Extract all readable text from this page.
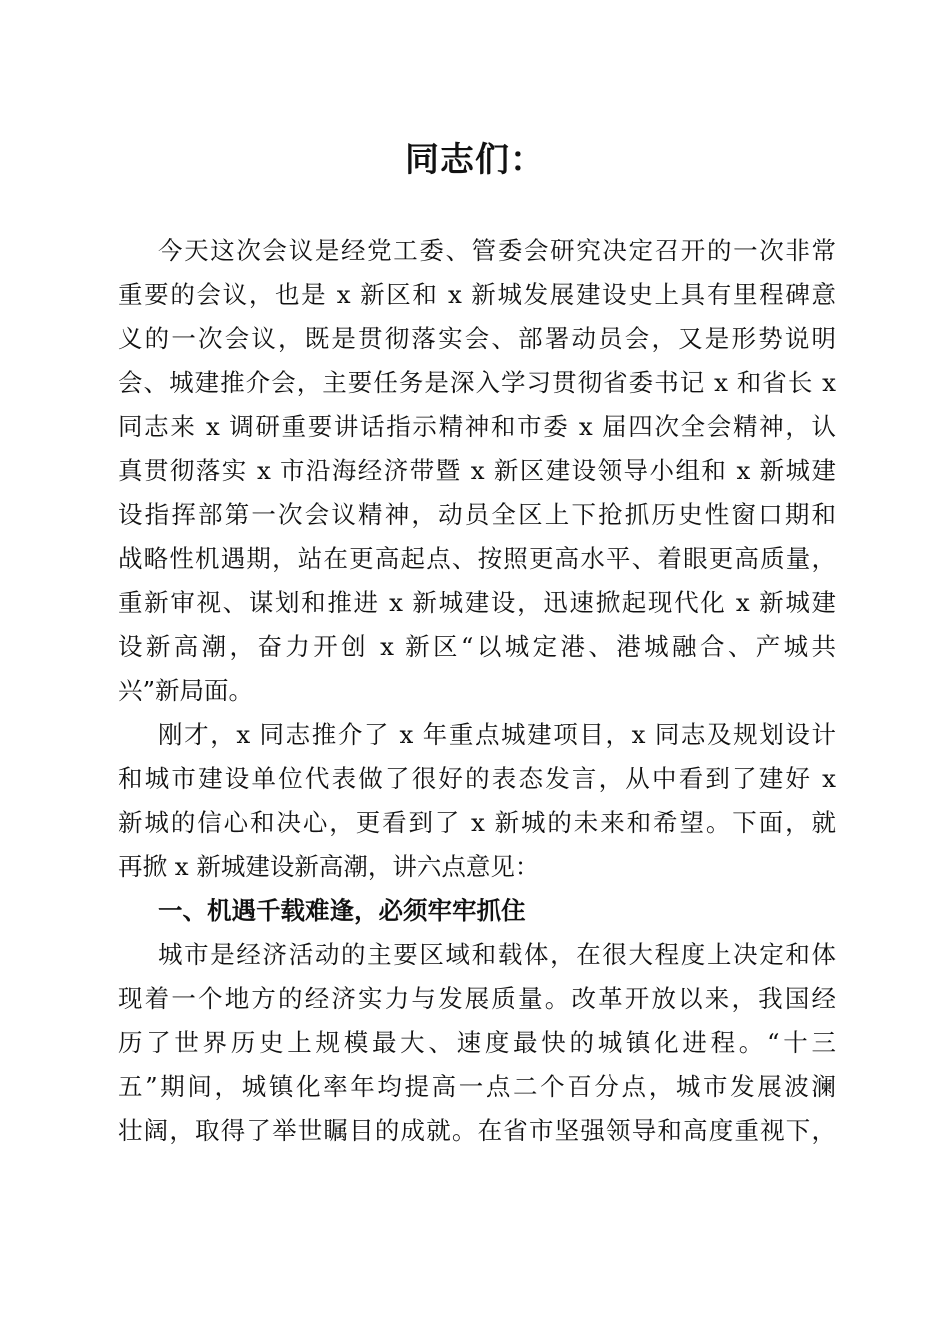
同志们：
今天这次会议是经党工委、管委会研究决定召开的一次非常
重要的会议，也是 x 新区和 x 新城发展建设史上具有里程碑意
义的一次会议，既是贯彻落实会、部署动员会，又是形势说明
会、城建推介会，主要任务是深入学习贯彻省委书记 x 和省长 x
同志来 x 调研重要讲话指示精神和市委 x 届四次全会精神，认
真贯彻落实 x 市沿海经济带暨 x 新区建设领导小组和 x 新城建
设指挥部第一次会议精神，动员全区上下抢抓历史性窗口期和
战略性机遇期，站在更高起点、按照更高水平、着眼更高质量，
重新审视、谋划和推进 x 新城建设，迅速掀起现代化 x 新城建
设新高潮，奋力开创 x 新区“以城定港、港城融合、产城共
兴”新局面。
刚才，x 同志推介了 x 年重点城建项目，x 同志及规划设计
和城市建设单位代表做了很好的表态发言，从中看到了建好 x
新城的信心和决心，更看到了 x 新城的未来和希望。下面，就
再掀 x 新城建设新高潮，讲六点意见：
一、机遇千载难逢，必须牢牢抓住
城市是经济活动的主要区域和载体，在很大程度上决定和体
现着一个地方的经济实力与发展质量。改革开放以来，我国经
历了世界历史上规模最大、速度最快的城镇化进程。“十三
五”期间，城镇化率年均提高一点二个百分点，城市发展波澜
壮阔，取得了举世瞩目的成就。在省市坚强领导和高度重视下，
